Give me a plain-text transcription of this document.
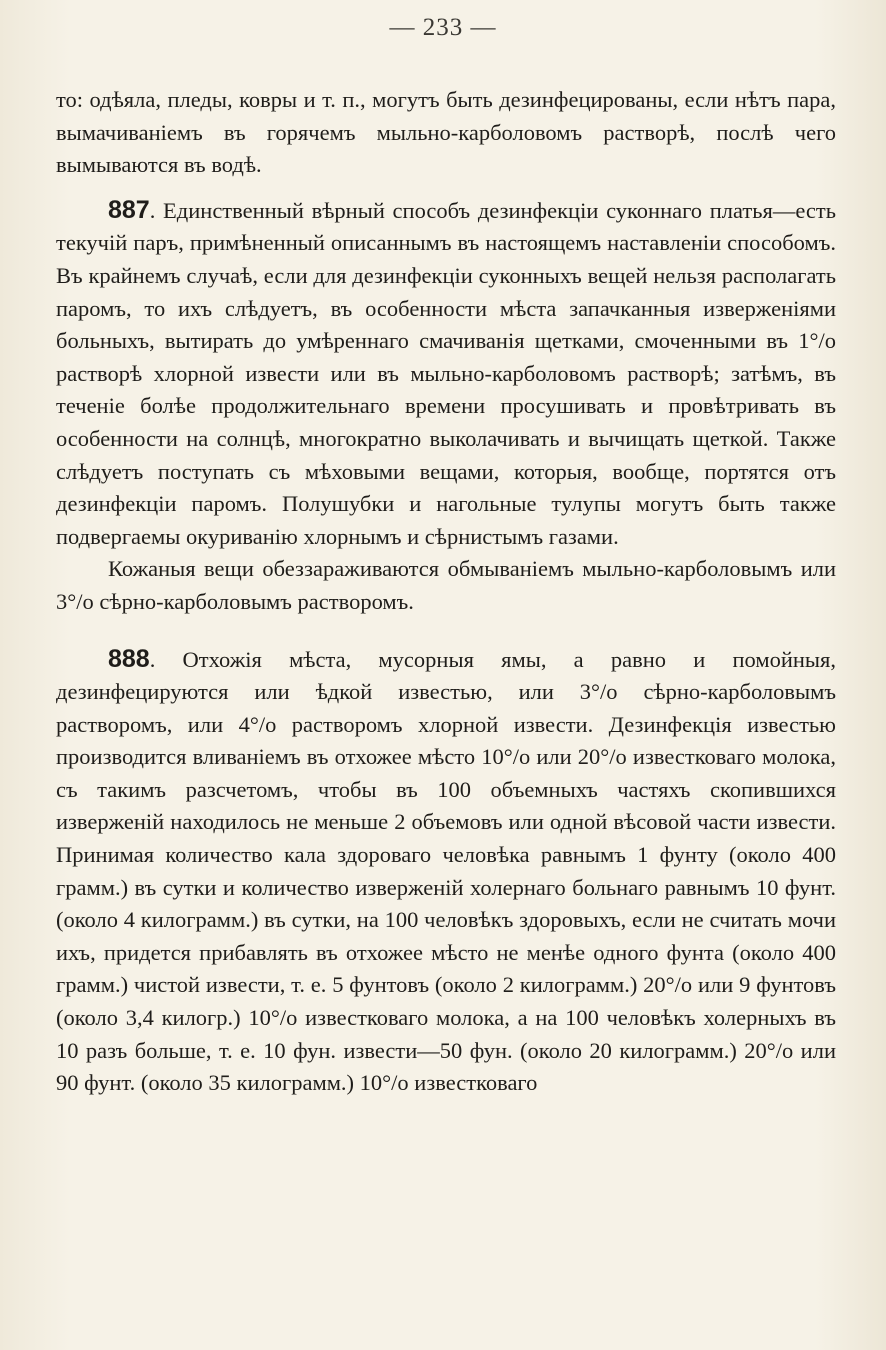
— 233 —

то: одѣяла, пледы, ковры и т. п., могутъ быть дезинфецированы, если нѣтъ пара, вымачиваніемъ въ горячемъ мыльно-карболовомъ растворѣ, послѣ чего вымываются въ водѣ.

887. Единственный вѣрный способъ дезинфекціи суконнаго платья—есть текучій паръ, примѣненный описаннымъ въ настоящемъ наставленіи способомъ. Въ крайнемъ случаѣ, если для дезинфекціи суконныхъ вещей нельзя располагать паромъ, то ихъ слѣдуетъ, въ особенности мѣста запачканныя изверженіями больныхъ, вытирать до умѣреннаго смачиванія щетками, смоченными въ 1°/о растворѣ хлорной извести или въ мыльно-карболовомъ растворѣ; затѣмъ, въ теченіе болѣе продолжительнаго времени просушивать и провѣтривать въ особенности на солнцѣ, многократно выколачивать и вычищать щеткой. Также слѣдуетъ поступать съ мѣховыми вещами, которыя, вообще, портятся отъ дезинфекціи паромъ. Полушубки и нагольные тулупы могутъ быть также подвергаемы окуриванію хлорнымъ и сѣрнистымъ газами.

Кожаныя вещи обеззараживаются обмываніемъ мыльно-карболовымъ или 3°/о сѣрно-карболовымъ растворомъ.

888. Отхожія мѣста, мусорныя ямы, а равно и помойныя, дезинфецируются или ѣдкой известью, или 3°/о сѣрно-карболовымъ растворомъ, или 4°/о растворомъ хлорной извести. Дезинфекція известью производится вливаніемъ въ отхожее мѣсто 10°/о или 20°/о известковаго молока, съ такимъ разсчетомъ, чтобы въ 100 объемныхъ частяхъ скопившихся изверженій находилось не меньше 2 объемовъ или одной вѣсовой части извести. Принимая количество кала здороваго человѣка равнымъ 1 фунту (около 400 грамм.) въ сутки и количество изверженій холернаго больнаго равнымъ 10 фунт. (около 4 килограмм.) въ сутки, на 100 человѣкъ здоровыхъ, если не считать мочи ихъ, придется прибавлять въ отхожее мѣсто не менѣе одного фунта (около 400 грамм.) чистой извести, т. е. 5 фунтовъ (около 2 килограмм.) 20°/о или 9 фунтовъ (около 3,4 килогр.) 10°/о известковаго молока, а на 100 человѣкъ холерныхъ въ 10 разъ больше, т. е. 10 фун. извести—50 фун. (около 20 килограмм.) 20°/о или 90 фунт. (около 35 килограмм.) 10°/о известковаго
